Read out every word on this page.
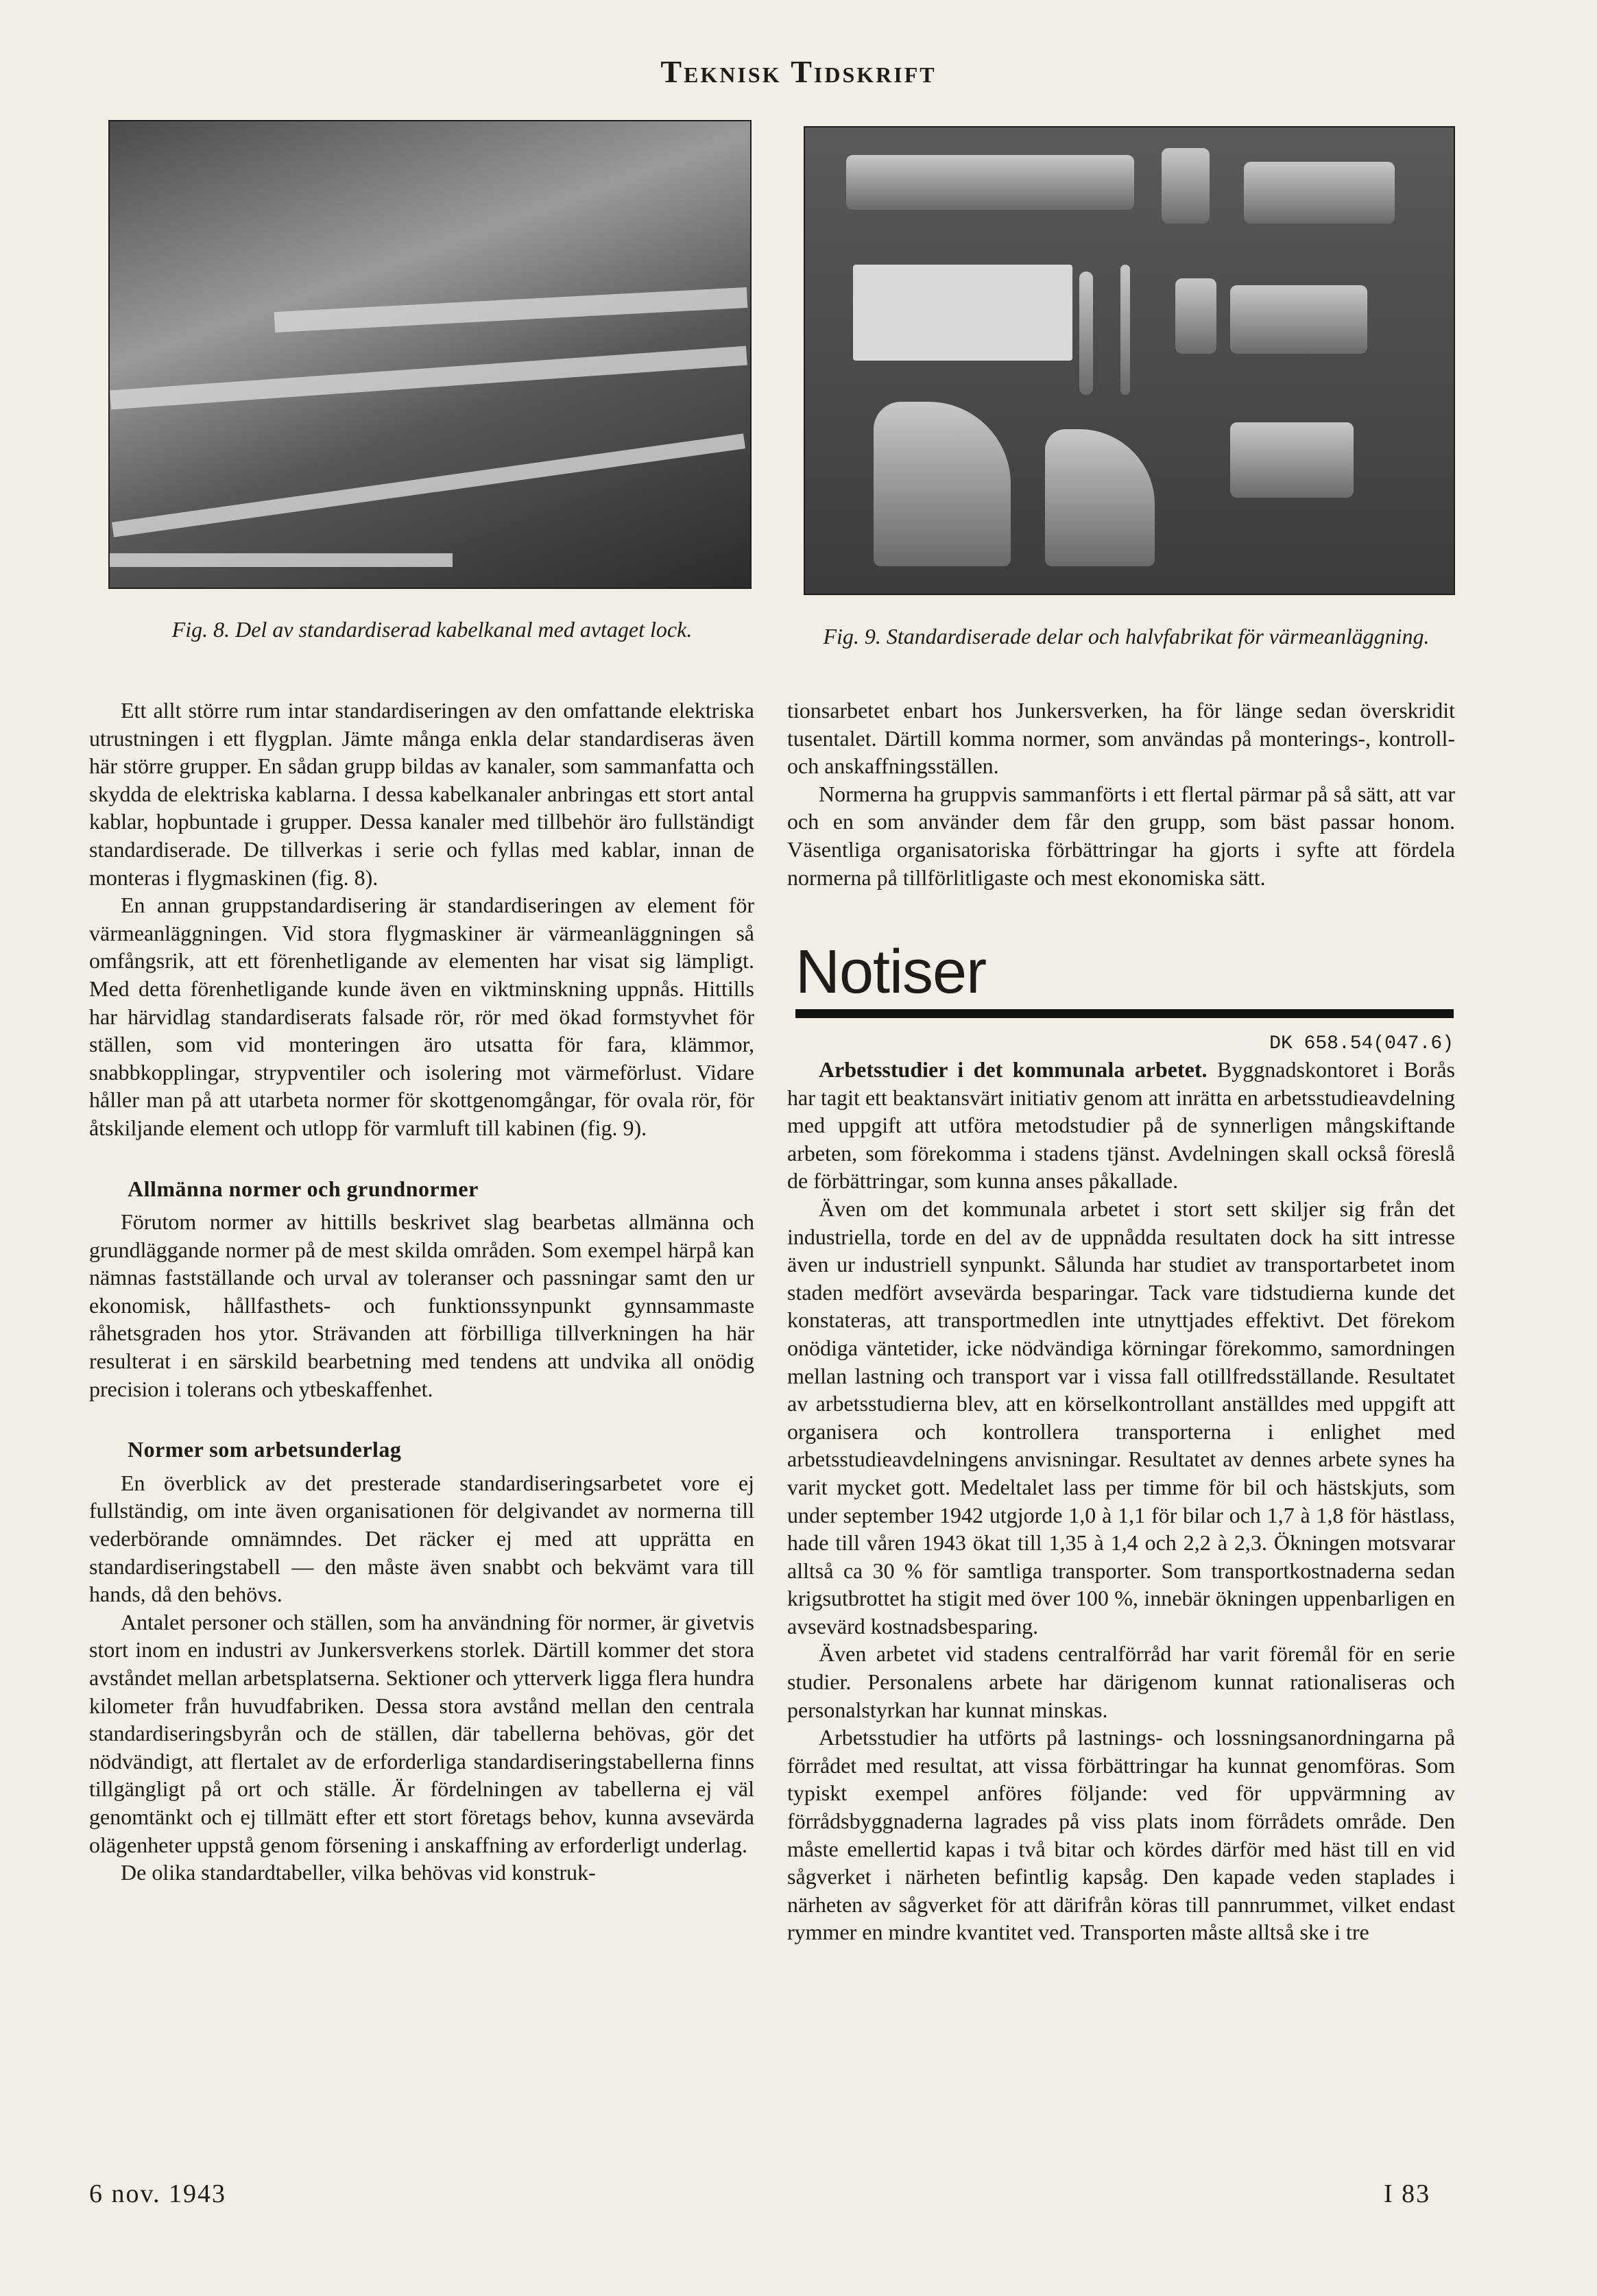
Teknisk Tidskrift
Fig. 8. Del av standardiserad kabelkanal med avtaget lock.	Fig. 9. Standardiserade delar och halvfabrikat för värmeanläggning.

Ett allt större rum intar standardiseringen av den omfattande elektriska utrustningen i ett flygplan. Jämte många enkla delar standardiseras även här större grupper. En sådan grupp bildas av kanaler, som sammanfatta och skydda de elektriska kablarna. I dessa kabelkanaler anbringas ett stort antal kablar, hopbuntade i grupper. Dessa kanaler med tillbehör äro fullständigt standardiserade. De tillverkas i serie och fyllas med kablar, innan de monteras i flygmaskinen (fig. 8).

En annan gruppstandardisering är standardiseringen av element för värmeanläggningen. Vid stora flygmaskiner är värmeanläggningen så omfångsrik, att ett förenhetligande av elementen har visat sig lämpligt. Med detta förenhetligande kunde även en viktminskning uppnås. Hittills har härvidlag standardiserats falsade rör, rör med ökad formstyvhet för ställen, som vid monteringen äro utsatta för fara, klämmor, snabbkopplingar, strypventiler och isolering mot värmeförlust. Vidare håller man på att utarbeta normer för skottgenomgångar, för ovala rör, för åtskiljande element och utlopp för varmluft till kabinen (fig. 9).

Allmänna normer och grundnormer

Förutom normer av hittills beskrivet slag bearbetas allmänna och grundläggande normer på de mest skilda områden. Som exempel härpå kan nämnas fastställande och urval av toleranser och passningar samt den ur ekonomisk, hållfasthets- och funktionssynpunkt gynnsammaste råhetsgraden hos ytor. Strävanden att förbilliga tillverkningen ha här resulterat i en särskild bearbetning med tendens att undvika all onödig precision i tolerans och ytbeskaffenhet.

Normer som arbetsunderlag

En överblick av det presterade standardiseringsarbetet vore ej fullständig, om inte även organisationen för delgivandet av normerna till vederbörande omnämndes. Det räcker ej med att upprätta en standardiseringstabell — den måste även snabbt och bekvämt vara till hands, då den behövs.

Antalet personer och ställen, som ha användning för normer, är givetvis stort inom en industri av Junkersverkens storlek. Därtill kommer det stora avståndet mellan arbetsplatserna. Sektioner och ytterverk ligga flera hundra kilometer från huvudfabriken. Dessa stora avstånd mellan den centrala standardiseringsbyrån och de ställen, där tabellerna behövas, gör det nödvändigt, att flertalet av de erforderliga standardiseringstabellerna finns tillgängligt på ort och ställe. Är fördelningen av tabellerna ej väl genomtänkt och ej tillmätt efter ett stort företags behov, kunna avsevärda olägenheter uppstå genom försening i anskaffning av erforderligt underlag.

De olika standardtabeller, vilka behövas vid konstruk-

tionsarbetet enbart hos Junkersverken, ha för länge sedan överskridit tusentalet. Därtill komma normer, som användas på monterings-, kontroll- och anskaffningsställen.

Normerna ha gruppvis sammanförts i ett flertal pärmar på så sätt, att var och en som använder dem får den grupp, som bäst passar honom. Väsentliga organisatoriska förbättringar ha gjorts i syfte att fördela normerna på tillförlitligaste och mest ekonomiska sätt.

Notiser
DK 658.54(047.6)

Arbetsstudier i det kommunala arbetet. Byggnadskontoret i Borås har tagit ett beaktansvärt initiativ genom att inrätta en arbetsstudieavdelning med uppgift att utföra metodstudier på de synnerligen mångskiftande arbeten, som förekomma i stadens tjänst. Avdelningen skall också föreslå de förbättringar, som kunna anses påkallade.

Även om det kommunala arbetet i stort sett skiljer sig från det industriella, torde en del av de uppnådda resultaten dock ha sitt intresse även ur industriell synpunkt. Sålunda har studiet av transportarbetet inom staden medfört avsevärda besparingar. Tack vare tidstudierna kunde det konstateras, att transportmedlen inte utnyttjades effektivt. Det förekom onödiga väntetider, icke nödvändiga körningar förekommo, samordningen mellan lastning och transport var i vissa fall otillfredsställande. Resultatet av arbetsstudierna blev, att en körselkontrollant anställdes med uppgift att organisera och kontrollera transporterna i enlighet med arbetsstudieavdelningens anvisningar. Resultatet av dennes arbete synes ha varit mycket gott. Medeltalet lass per timme för bil och hästskjuts, som under september 1942 utgjorde 1,0 à 1,1 för bilar och 1,7 à 1,8 för hästlass, hade till våren 1943 ökat till 1,35 à 1,4 och 2,2 à 2,3. Ökningen motsvarar alltså ca 30 % för samtliga transporter. Som transportkostnaderna sedan krigsutbrottet ha stigit med över 100 %, innebär ökningen uppenbarligen en avsevärd kostnadsbesparing.

Även arbetet vid stadens centralförråd har varit föremål för en serie studier. Personalens arbete har därigenom kunnat rationaliseras och personalstyrkan har kunnat minskas.

Arbetsstudier ha utförts på lastnings- och lossningsanordningarna på förrådet med resultat, att vissa förbättringar ha kunnat genomföras. Som typiskt exempel anföres följande: ved för uppvärmning av förrådsbyggnaderna lagrades på viss plats inom förrådets område. Den måste emellertid kapas i två bitar och kördes därför med häst till en vid sågverket i närheten befintlig kapsåg. Den kapade veden staplades i närheten av sågverket för att därifrån köras till pannrummet, vilket endast rymmer en mindre kvantitet ved. Transporten måste alltså ske i tre

6 nov. 1943	I 83
